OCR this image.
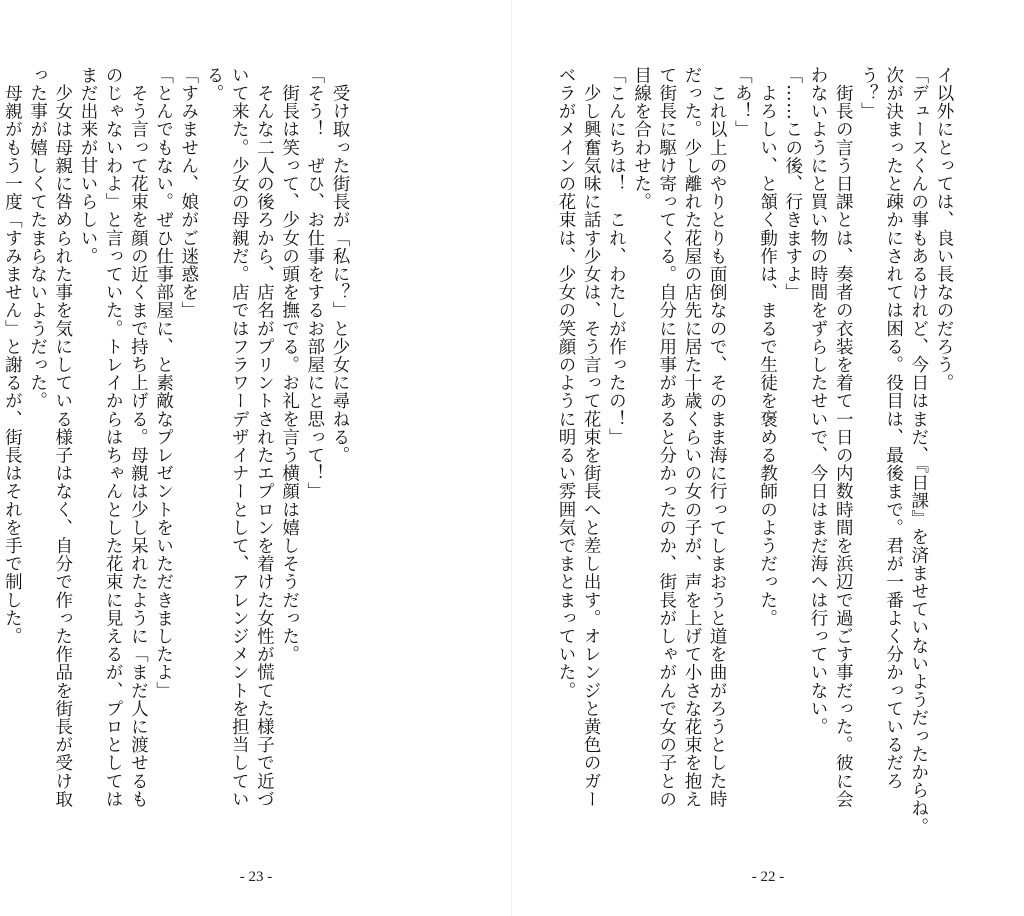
　受け取った街長が「私に？」と少女に尋ねる。
「そう！　ぜひ、お仕事をするお部屋にと思って！」
　街長は笑って、少女の頭を撫でる。お礼を言う横顔は嬉しそうだった。
　そんな二人の後ろから、店名がプリントされたエプロンを着けた女性が慌てた様子で近づ
いて来た。少女の母親だ。店ではフラワーデザイナーとして、アレンジメントを担当してい
る。
「すみません、娘がご迷惑を」
「とんでもない。ぜひ仕事部屋に、と素敵なプレゼントをいただきましたよ」
　そう言って花束を顔の近くまで持ち上げる。母親は少し呆れたように「まだ人に渡せるも
のじゃないわよ」と言っていた。トレイからはちゃんとした花束に見えるが、プロとしては
まだ出来が甘いらしい。
　少女は母親に咎められた事を気にしている様子はなく、自分で作った作品を街長が受け取
った事が嬉しくてたまらないようだった。
　母親がもう一度「すみません」と謝るが、街長はそれを手で制した。
- 23 -
イ以外にとっては、良い長なのだろう。
「デュースくんの事もあるけれど、今日はまだ、『日課』を済ませていないようだったからね。
次が決まったと疎かにされては困る。役目は、最後まで。君が一番よく分かっているだろ
う？」
　街長の言う日課とは、奏者の衣装を着て一日の内数時間を浜辺で過ごす事だった。彼に会
わないようにと買い物の時間をずらしたせいで、今日はまだ海へは行っていない。
「……この後、行きますよ」
　よろしい、と頷く動作は、まるで生徒を褒める教師のようだった。
「あ！」
　これ以上のやりとりも面倒なので、そのまま海に行ってしまおうと道を曲がろうとした時
だった。少し離れた花屋の店先に居た十歳くらいの女の子が、声を上げて小さな花束を抱え
て街長に駆け寄ってくる。自分に用事があると分かったのか、街長がしゃがんで女の子との
目線を合わせた。
「こんにちは！　これ、わたしが作ったの！」
　少し興奮気味に話す少女は、そう言って花束を街長へと差し出す。オレンジと黄色のガー
ベラがメインの花束は、少女の笑顔のように明るい雰囲気でまとまっていた。
- 22 -
